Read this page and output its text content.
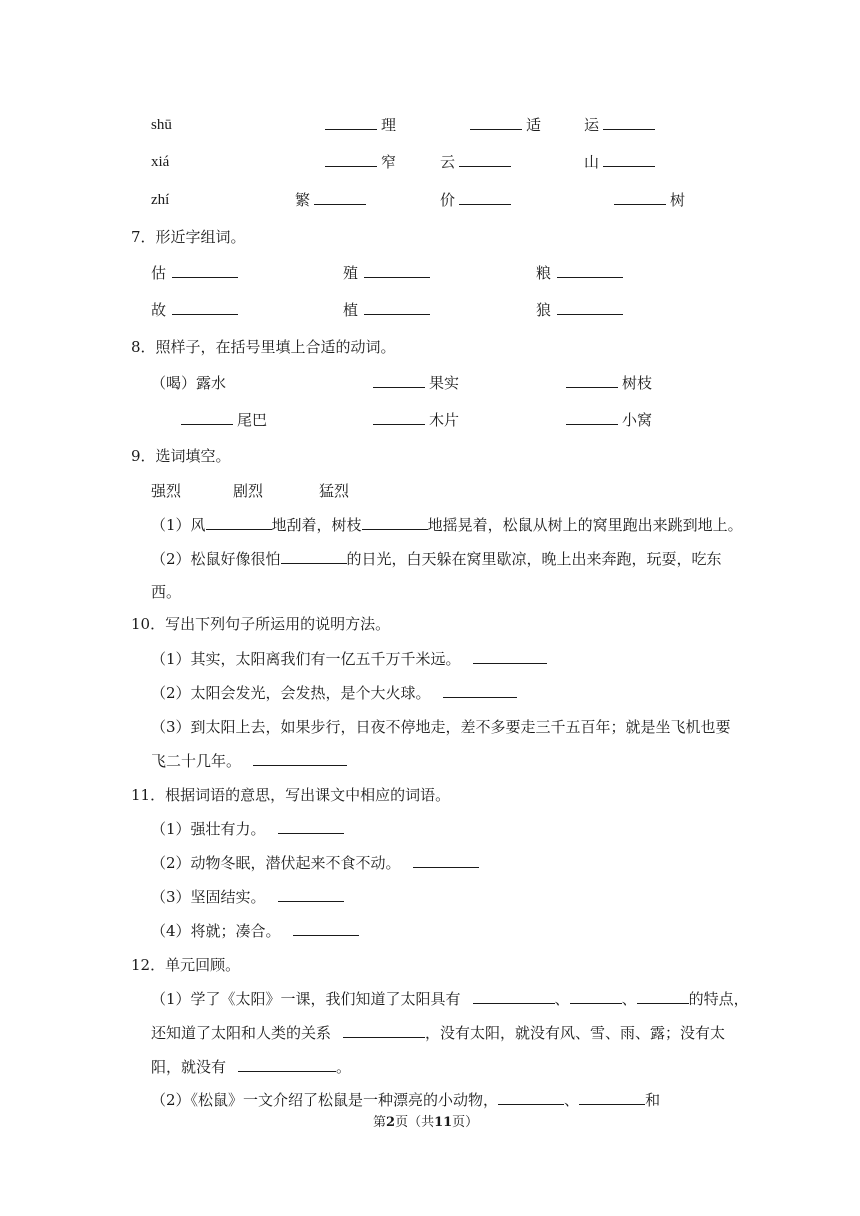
shū	理	适	运
xiá	窄	云	山
zhí	繁	价	树
7．形近字组词。
估	殖	粮
故	植	狼
8．照样子，在括号里填上合适的动词。
（喝）露水	果实	树枝
尾巴	木片	小窝
9．选词填空。
强烈	剧烈	猛烈
（1）风	地刮着，树枝	地摇晃着，松鼠从树上的窝里跑出来跳到地上。
（2）松鼠好像很怕	的日光，白天躲在窝里歇凉，晚上出来奔跑，玩耍，吃东
西。
10．写出下列句子所运用的说明方法。
（1）其实，太阳离我们有一亿五千万千米远。
（2）太阳会发光，会发热，是个大火球。
（3）到太阳上去，如果步行，日夜不停地走，差不多要走三千五百年；就是坐飞机也要
飞二十几年。
11．根据词语的意思，写出课文中相应的词语。
（1）强壮有力。
（2）动物冬眠，潜伏起来不食不动。
（3）坚固结实。
（4）将就；凑合。
12．单元回顾。
（1）学了《太阳》一课，我们知道了太阳具有	、	、	的特点，
还知道了太阳和人类的关系	，没有太阳，就没有风、雪、雨、露；没有太
阳，就没有	。
（2）《松鼠》一文介绍了松鼠是一种漂亮的小动物，	、	和
第2页（共11页）
